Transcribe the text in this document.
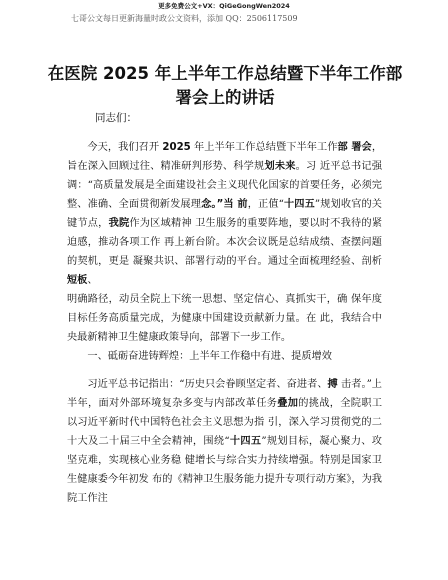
更多免费公文+VX：QiGeGongWen2024
七哥公文每日更新海量时政公文资料，添加 QQ：2506117509
在医院 2025 年上半年工作总结暨下半年工作部署会上的讲话
同志们：

今天，我们召开 2025 年上半年工作总结暨下半年工作部 署会，旨在深入回顾过往、精准研判形势、科学规划未来。习 近平总书记强调：“高质量发展是全面建设社会主义现代化国家的首要任务，必须完整、准确、全面贯彻新发展理念。”当 前，正值“十四五”规划收官的关键节点，我院作为区域精神 卫生服务的重要阵地，要以时不我待的紧迫感，推动各项工作 再上新台阶。本次会议既是总结成绩、查摆问题的契机，更是 凝聚共识、部署行动的平台。通过全面梳理经验、剖析短板、
明确路径，动员全院上下统一思想、坚定信心、真抓实干，确 保年度目标任务高质量完成，为健康中国建设贡献新力量。在 此，我结合中央最新精神卫生健康政策导向，部署下一步工作。

一、砥砺奋进铸辉煌：上半年工作稳中有进、提质增效

习近平总书记指出：“历史只会眷顾坚定者、奋进者、搏 击者。”上半年，面对外部环境复杂多变与内部改革任务叠加的挑战，全院职工以习近平新时代中国特色社会主义思想为指 引，深入学习贯彻党的二十大及二十届三中全会精神，围绕“十四五”规划目标，凝心聚力、攻坚克难，实现核心业务稳 健增长与综合实力持续增强。特别是国家卫生健康委今年初发 布的《精神卫生服务能力提升专项行动方案》，为我院工作注
